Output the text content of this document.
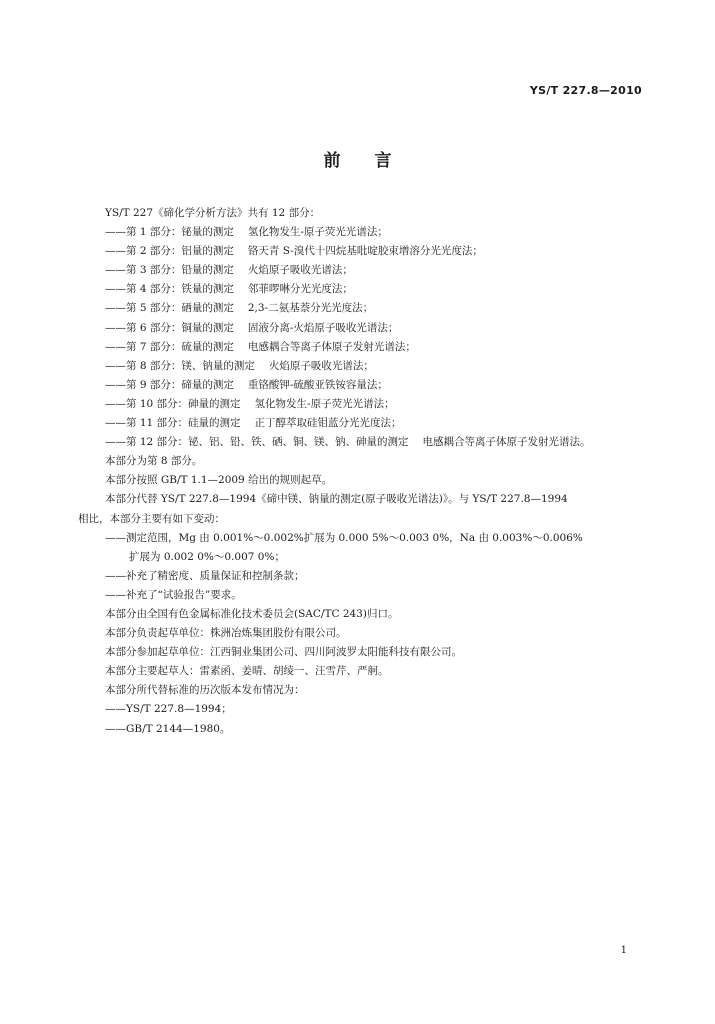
YS/T 227.8—2010
前言
YS/T 227《碲化学分析方法》共有 12 部分：
——第 1 部分：铋量的测定 氢化物发生-原子荧光光谱法；
——第 2 部分：铝量的测定 铬天青 S-溴代十四烷基吡啶胶束增溶分光光度法；
——第 3 部分：铅量的测定 火焰原子吸收光谱法；
——第 4 部分：铁量的测定 邻菲啰啉分光光度法；
——第 5 部分：硒量的测定 2,3-二氨基萘分光光度法；
——第 6 部分：铜量的测定 固液分离-火焰原子吸收光谱法；
——第 7 部分：硫量的测定 电感耦合等离子体原子发射光谱法；
——第 8 部分：镁、钠量的测定 火焰原子吸收光谱法；
——第 9 部分：碲量的测定 重铬酸钾-硫酸亚铁铵容量法；
——第 10 部分：砷量的测定 氢化物发生-原子荧光光谱法；
——第 11 部分：硅量的测定 正丁醇萃取硅钼蓝分光光度法；
——第 12 部分：铋、铝、铅、铁、硒、铜、镁、钠、砷量的测定 电感耦合等离子体原子发射光谱法。
本部分为第 8 部分。
本部分按照 GB/T 1.1—2009 给出的规则起草。
本部分代替 YS/T 227.8—1994《碲中镁、钠量的测定(原子吸收光谱法)》。与 YS/T 227.8—1994
相比，本部分主要有如下变动：
——测定范围，Mg 由 0.001%～0.002%扩展为 0.000 5%～0.003 0%，Na 由 0.003%～0.006%
扩展为 0.002 0%～0.007 0%；
——补充了精密度、质量保证和控制条款；
——补充了“试验报告”要求。
本部分由全国有色金属标准化技术委员会(SAC/TC 243)归口。
本部分负责起草单位：株洲冶炼集团股份有限公司。
本部分参加起草单位：江西铜业集团公司、四川阿波罗太阳能科技有限公司。
本部分主要起草人：雷素函、姜晴、胡绫一、汪雪芹、严舸。
本部分所代替标准的历次版本发布情况为：
——YS/T 227.8—1994；
——GB/T 2144—1980。
1
